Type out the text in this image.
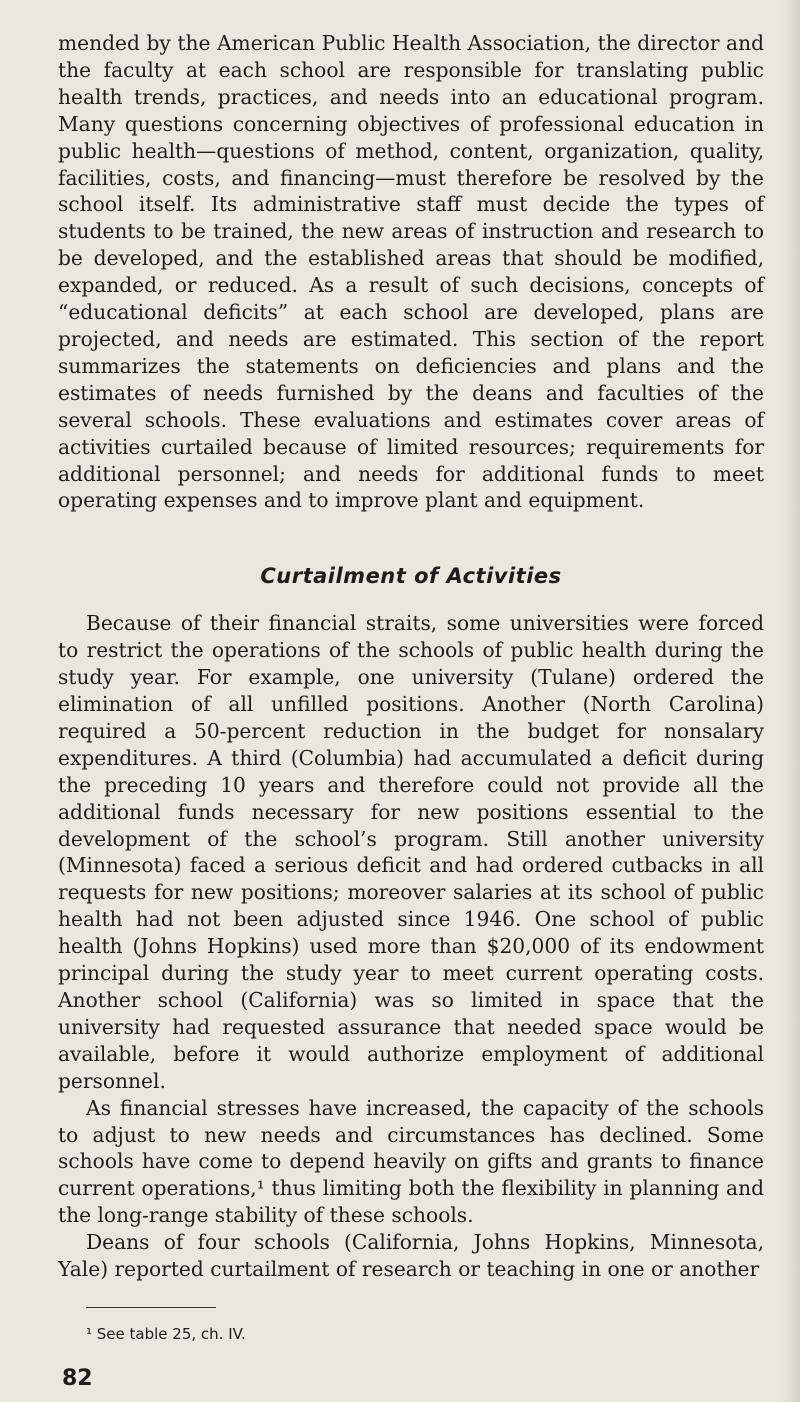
mended by the American Public Health Association, the director and the faculty at each school are responsible for translating public health trends, practices, and needs into an educational program. Many questions concerning objectives of professional education in public health—questions of method, content, organization, quality, facilities, costs, and financing—must therefore be resolved by the school itself. Its administrative staff must decide the types of students to be trained, the new areas of instruction and research to be developed, and the established areas that should be modified, expanded, or reduced. As a result of such decisions, concepts of “educational deficits” at each school are developed, plans are projected, and needs are estimated. This section of the report summarizes the statements on deficiencies and plans and the estimates of needs furnished by the deans and faculties of the several schools. These evaluations and estimates cover areas of activities curtailed because of limited resources; requirements for additional personnel; and needs for additional funds to meet operating expenses and to improve plant and equipment.

Curtailment of Activities

Because of their financial straits, some universities were forced to restrict the operations of the schools of public health during the study year. For example, one university (Tulane) ordered the elimination of all unfilled positions. Another (North Carolina) required a 50-percent reduction in the budget for nonsalary expenditures. A third (Columbia) had accumulated a deficit during the preceding 10 years and therefore could not provide all the additional funds necessary for new positions essential to the development of the school’s program. Still another university (Minnesota) faced a serious deficit and had ordered cutbacks in all requests for new positions; moreover salaries at its school of public health had not been adjusted since 1946. One school of public health (Johns Hopkins) used more than $20,000 of its endowment principal during the study year to meet current operating costs. Another school (California) was so limited in space that the university had requested assurance that needed space would be available, before it would authorize employment of additional personnel.

As financial stresses have increased, the capacity of the schools to adjust to new needs and circumstances has declined. Some schools have come to depend heavily on gifts and grants to finance current operations,¹ thus limiting both the flexibility in planning and the long-range stability of these schools.

Deans of four schools (California, Johns Hopkins, Minnesota, Yale) reported curtailment of research or teaching in one or another

¹ See table 25, ch. IV.

82
